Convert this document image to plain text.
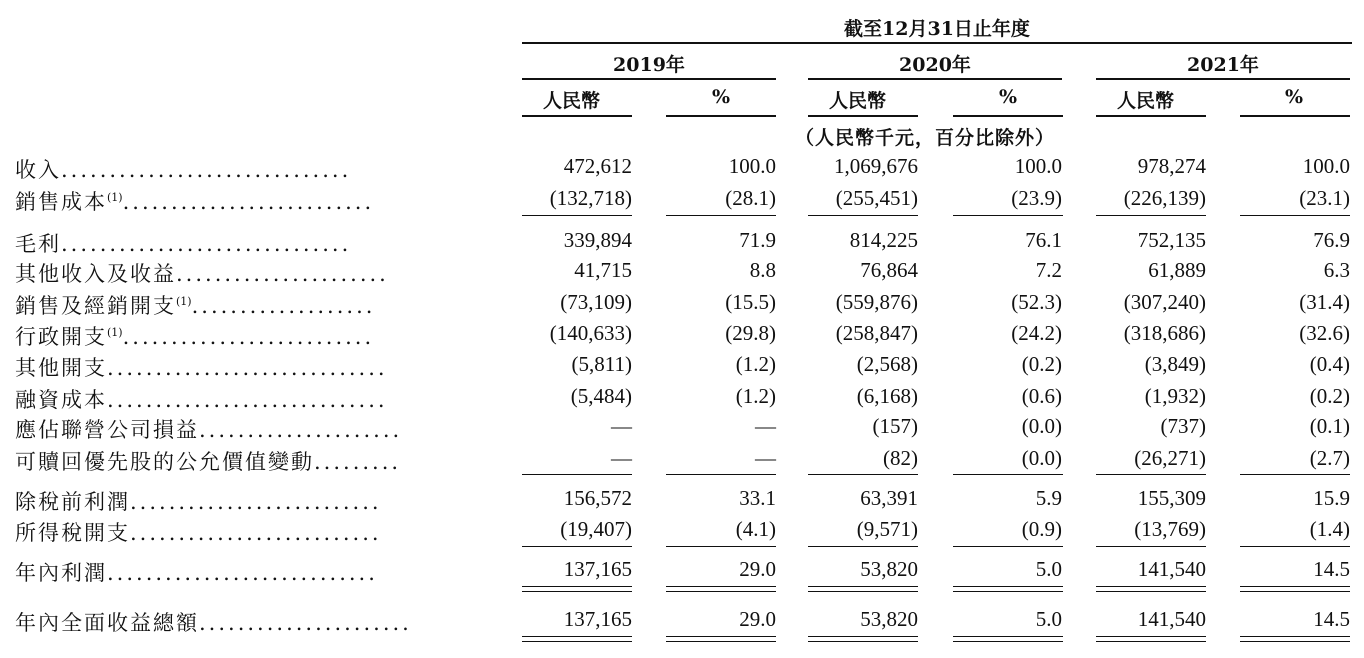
截至12月31日止年度
2019年	2020年	2021年
人民幣	%	人民幣	%	人民幣	%
（人民幣千元，百分比除外）
收入..............................	472,612	100.0	1,069,676	100.0	978,274	100.0
銷售成本$^{(1)}$..........................	(132,718)	(28.1)	(255,451)	(23.9)	(226,139)	(23.1)
毛利..............................	339,894	71.9	814,225	76.1	752,135	76.9
其他收入及收益......................	41,715	8.8	76,864	7.2	61,889	6.3
銷售及經銷開支$^{(1)}$...................	(73,109)	(15.5)	(559,876)	(52.3)	(307,240)	(31.4)
行政開支$^{(1)}$..........................	(140,633)	(29.8)	(258,847)	(24.2)	(318,686)	(32.6)
其他開支.............................	(5,811)	(1.2)	(2,568)	(0.2)	(3,849)	(0.4)
融資成本.............................	(5,484)	(1.2)	(6,168)	(0.6)	(1,932)	(0.2)
應佔聯營公司損益.....................	—	—	(157)	(0.0)	(737)	(0.1)
可贖回優先股的公允價值變動.........	—	—	(82)	(0.0)	(26,271)	(2.7)
除稅前利潤..........................	156,572	33.1	63,391	5.9	155,309	15.9
所得稅開支..........................	(19,407)	(4.1)	(9,571)	(0.9)	(13,769)	(1.4)
年內利潤............................	137,165	29.0	53,820	5.0	141,540	14.5
年內全面收益總額......................	137,165	29.0	53,820	5.0	141,540	14.5
